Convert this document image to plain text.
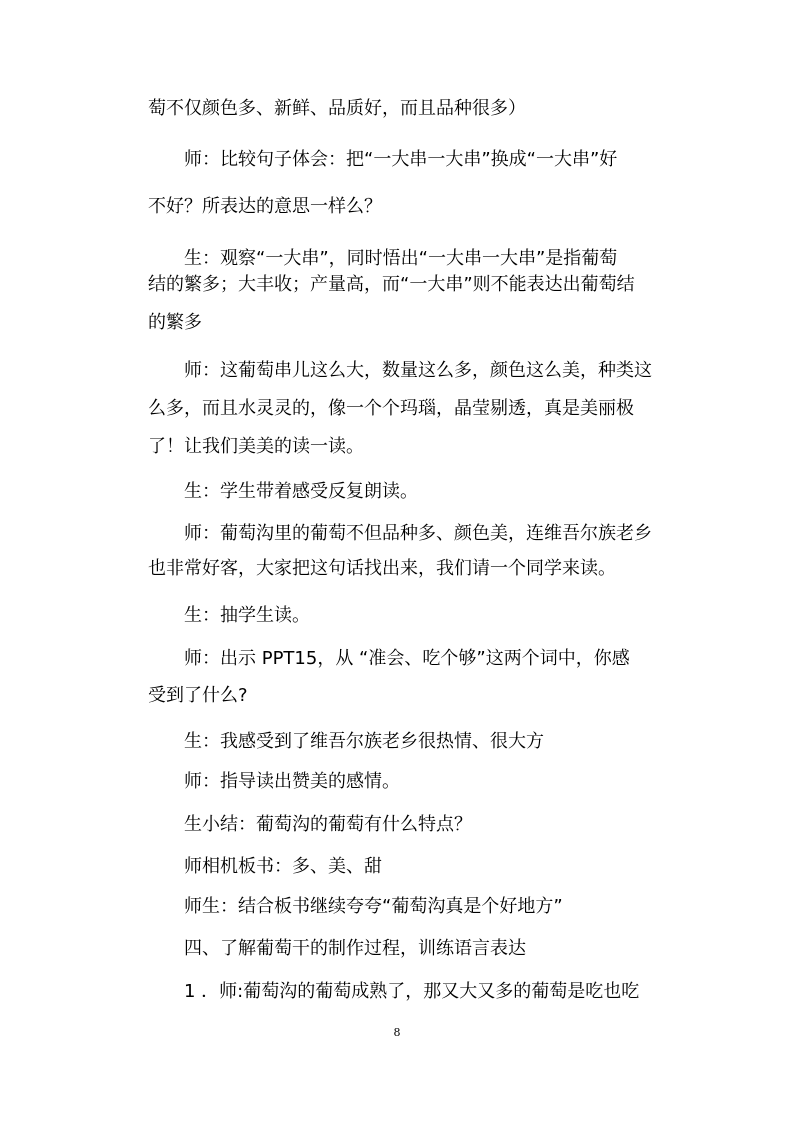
萄不仅颜色多、新鲜、品质好，而且品种很多）
　　师：比较句子体会：把“一大串一大串”换成“一大串”好
不好？所表达的意思一样么？
　　生：观察“一大串”，同时悟出“一大串一大串”是指葡萄
结的繁多；大丰收；产量高，而“一大串”则不能表达出葡萄结
的繁多
　　师：这葡萄串儿这么大，数量这么多，颜色这么美，种类这
么多，而且水灵灵的，像一个个玛瑙，晶莹剔透，真是美丽极
了！让我们美美的读一读。
　　生：学生带着感受反复朗读。
　　师：葡萄沟里的葡萄不但品种多、颜色美，连维吾尔族老乡
也非常好客，大家把这句话找出来，我们请一个同学来读。
　　生：抽学生读。
　　师：出示 PPT15，从 “准会、吃个够”这两个词中，你感
受到了什么?
　　生：我感受到了维吾尔族老乡很热情、很大方
　　师：指导读出赞美的感情。
　　生小结：葡萄沟的葡萄有什么特点？
　　师相机板书：多、美、甜
　　师生：结合板书继续夸夸“葡萄沟真是个好地方”
　　四、了解葡萄干的制作过程，训练语言表达
　　1 ．师:葡萄沟的葡萄成熟了，那又大又多的葡萄是吃也吃
8
